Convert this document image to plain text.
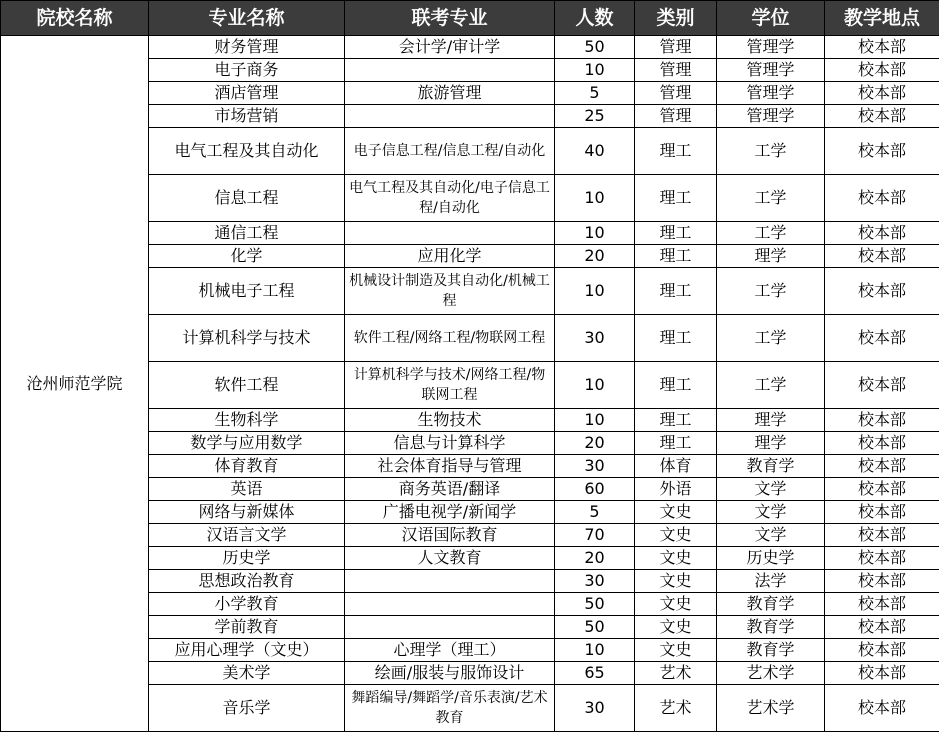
院校名称	专业名称	联考专业	人数	类别	学位	教学地点
沧州师范学院	财务管理	会计学/审计学	50	管理	管理学	校本部
	电子商务		10	管理	管理学	校本部
	酒店管理	旅游管理	5	管理	管理学	校本部
	市场营销		25	管理	管理学	校本部
	电气工程及其自动化	电子信息工程/信息工程/自动化	40	理工	工学	校本部
	信息工程	电气工程及其自动化/电子信息工程/自动化	10	理工	工学	校本部
	通信工程		10	理工	工学	校本部
	化学	应用化学	20	理工	理学	校本部
	机械电子工程	机械设计制造及其自动化/机械工程	10	理工	工学	校本部
	计算机科学与技术	软件工程/网络工程/物联网工程	30	理工	工学	校本部
	软件工程	计算机科学与技术/网络工程/物联网工程	10	理工	工学	校本部
	生物科学	生物技术	10	理工	理学	校本部
	数学与应用数学	信息与计算科学	20	理工	理学	校本部
	体育教育	社会体育指导与管理	30	体育	教育学	校本部
	英语	商务英语/翻译	60	外语	文学	校本部
	网络与新媒体	广播电视学/新闻学	5	文史	文学	校本部
	汉语言文学	汉语国际教育	70	文史	文学	校本部
	历史学	人文教育	20	文史	历史学	校本部
	思想政治教育		30	文史	法学	校本部
	小学教育		50	文史	教育学	校本部
	学前教育		50	文史	教育学	校本部
	应用心理学（文史）	心理学（理工）	10	文史	教育学	校本部
	美术学	绘画/服装与服饰设计	65	艺术	艺术学	校本部
	音乐学	舞蹈编导/舞蹈学/音乐表演/艺术教育	30	艺术	艺术学	校本部
